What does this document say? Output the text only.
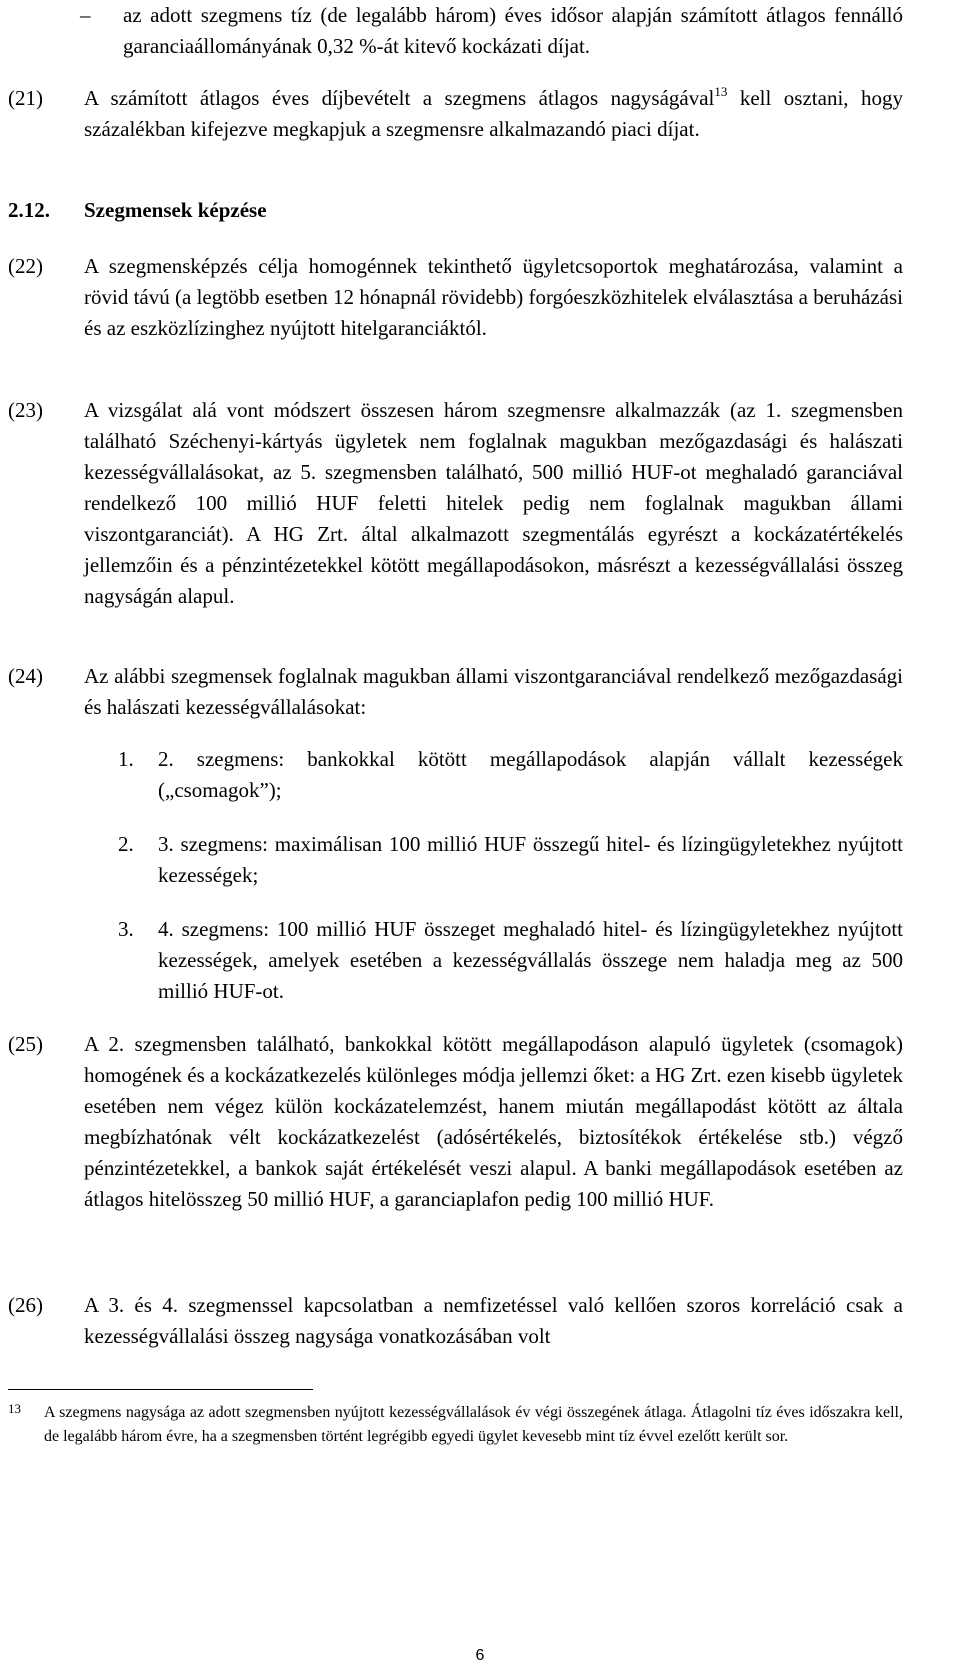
– az adott szegmens tíz (de legalább három) éves idősor alapján számított átlagos fennálló garanciaállományának 0,32 %-át kitevő kockázati díjat.
(21) A számított átlagos éves díjbevételt a szegmens átlagos nagyságával$^{13}$ kell osztani, hogy százalékban kifejezve megkapjuk a szegmensre alkalmazandó piaci díjat.
2.12. Szegmensek képzése
(22) A szegmensképzés célja homogénnek tekinthető ügyletcsoportok meghatározása, valamint a rövid távú (a legtöbb esetben 12 hónapnál rövidebb) forgóeszközhitelek elválasztása a beruházási és az eszközlízinghez nyújtott hitelgaranciáktól.
(23) A vizsgálat alá vont módszert összesen három szegmensre alkalmazzák (az 1. szegmensben található Széchenyi-kártyás ügyletek nem foglalnak magukban mezőgazdasági és halászati kezességvállalásokat, az 5. szegmensben található, 500 millió HUF-ot meghaladó garanciával rendelkező 100 millió HUF feletti hitelek pedig nem foglalnak magukban állami viszontgaranciát). A HG Zrt. által alkalmazott szegmentálás egyrészt a kockázatértékelés jellemzőin és a pénzintézetekkel kötött megállapodásokon, másrészt a kezességvállalási összeg nagyságán alapul.
(24) Az alábbi szegmensek foglalnak magukban állami viszontgaranciával rendelkező mezőgazdasági és halászati kezességvállalásokat:
1. 2. szegmens: bankokkal kötött megállapodások alapján vállalt kezességek („csomagok”);
2. 3. szegmens: maximálisan 100 millió HUF összegű hitel- és lízingügyletekhez nyújtott kezességek;
3. 4. szegmens: 100 millió HUF összeget meghaladó hitel- és lízingügyletekhez nyújtott kezességek, amelyek esetében a kezességvállalás összege nem haladja meg az 500 millió HUF-ot.
(25) A 2. szegmensben található, bankokkal kötött megállapodáson alapuló ügyletek (csomagok) homogének és a kockázatkezelés különleges módja jellemzi őket: a HG Zrt. ezen kisebb ügyletek esetében nem végez külön kockázatelemzést, hanem miután megállapodást kötött az általa megbízhatónak vélt kockázatkezelést (adósértékelés, biztosítékok értékelése stb.) végző pénzintézetekkel, a bankok saját értékelését veszi alapul. A banki megállapodások esetében az átlagos hitelösszeg 50 millió HUF, a garanciaplafon pedig 100 millió HUF.
(26) A 3. és 4. szegmenssel kapcsolatban a nemfizetéssel való kellően szoros korreláció csak a kezességvállalási összeg nagysága vonatkozásában volt
13 A szegmens nagysága az adott szegmensben nyújtott kezességvállalások év végi összegének átlaga. Átlagolni tíz éves időszakra kell, de legalább három évre, ha a szegmensben történt legrégibb egyedi ügylet kevesebb mint tíz évvel ezelőtt került sor.
6
